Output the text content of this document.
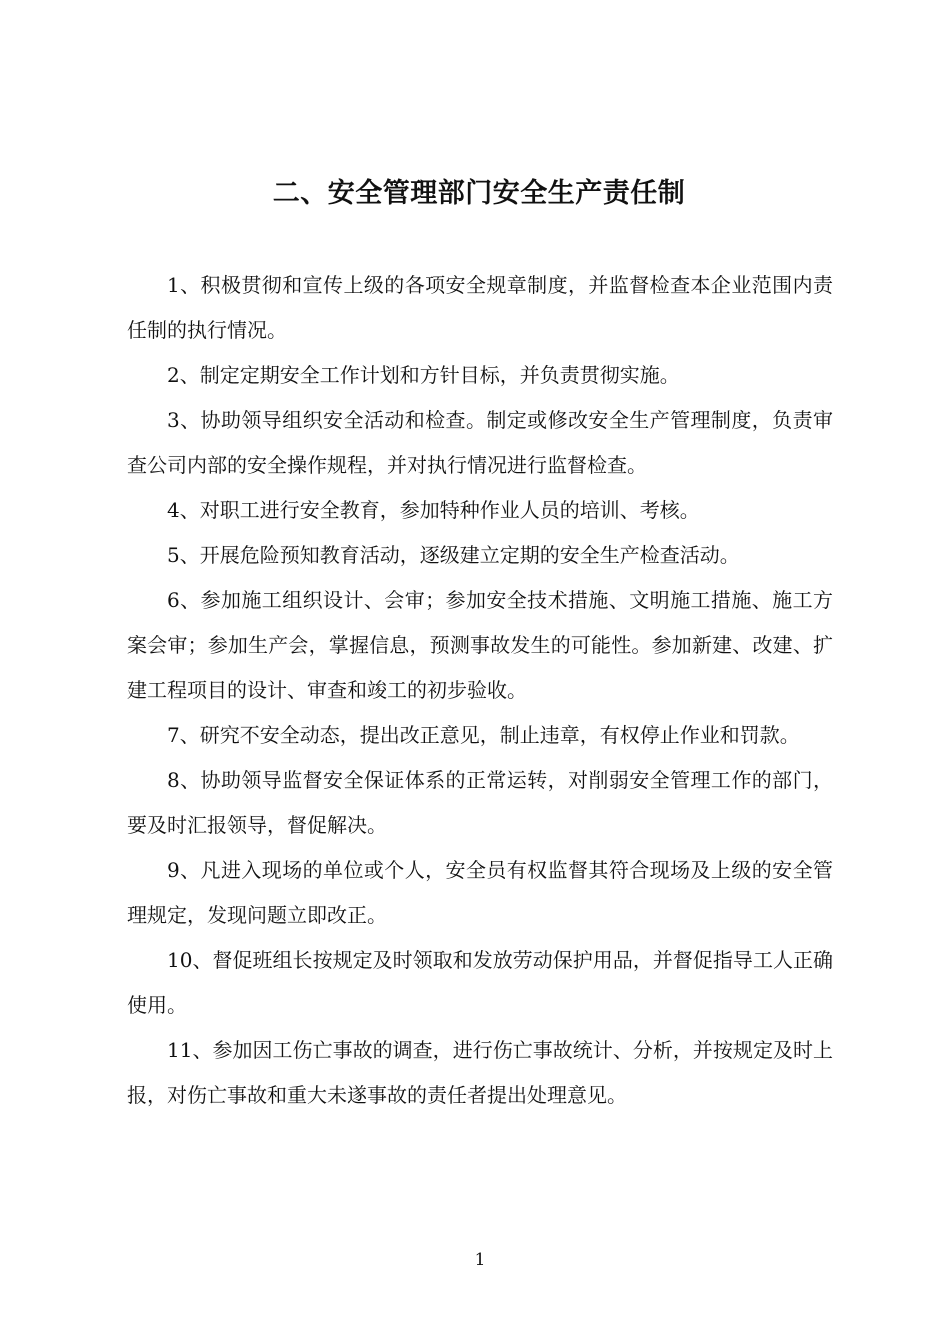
二、安全管理部门安全生产责任制

1、积极贯彻和宣传上级的各项安全规章制度，并监督检查本企业范围内责任制的执行情况。

2、制定定期安全工作计划和方针目标，并负责贯彻实施。

3、协助领导组织安全活动和检查。制定或修改安全生产管理制度，负责审查公司内部的安全操作规程，并对执行情况进行监督检查。

4、对职工进行安全教育，参加特种作业人员的培训、考核。

5、开展危险预知教育活动，逐级建立定期的安全生产检查活动。

6、参加施工组织设计、会审；参加安全技术措施、文明施工措施、施工方案会审；参加生产会，掌握信息，预测事故发生的可能性。参加新建、改建、扩建工程项目的设计、审查和竣工的初步验收。

7、研究不安全动态，提出改正意见，制止违章，有权停止作业和罚款。

8、协助领导监督安全保证体系的正常运转，对削弱安全管理工作的部门，要及时汇报领导，督促解决。

9、凡进入现场的单位或个人，安全员有权监督其符合现场及上级的安全管理规定，发现问题立即改正。

10、督促班组长按规定及时领取和发放劳动保护用品，并督促指导工人正确使用。

11、参加因工伤亡事故的调查，进行伤亡事故统计、分析，并按规定及时上报，对伤亡事故和重大未遂事故的责任者提出处理意见。

1
